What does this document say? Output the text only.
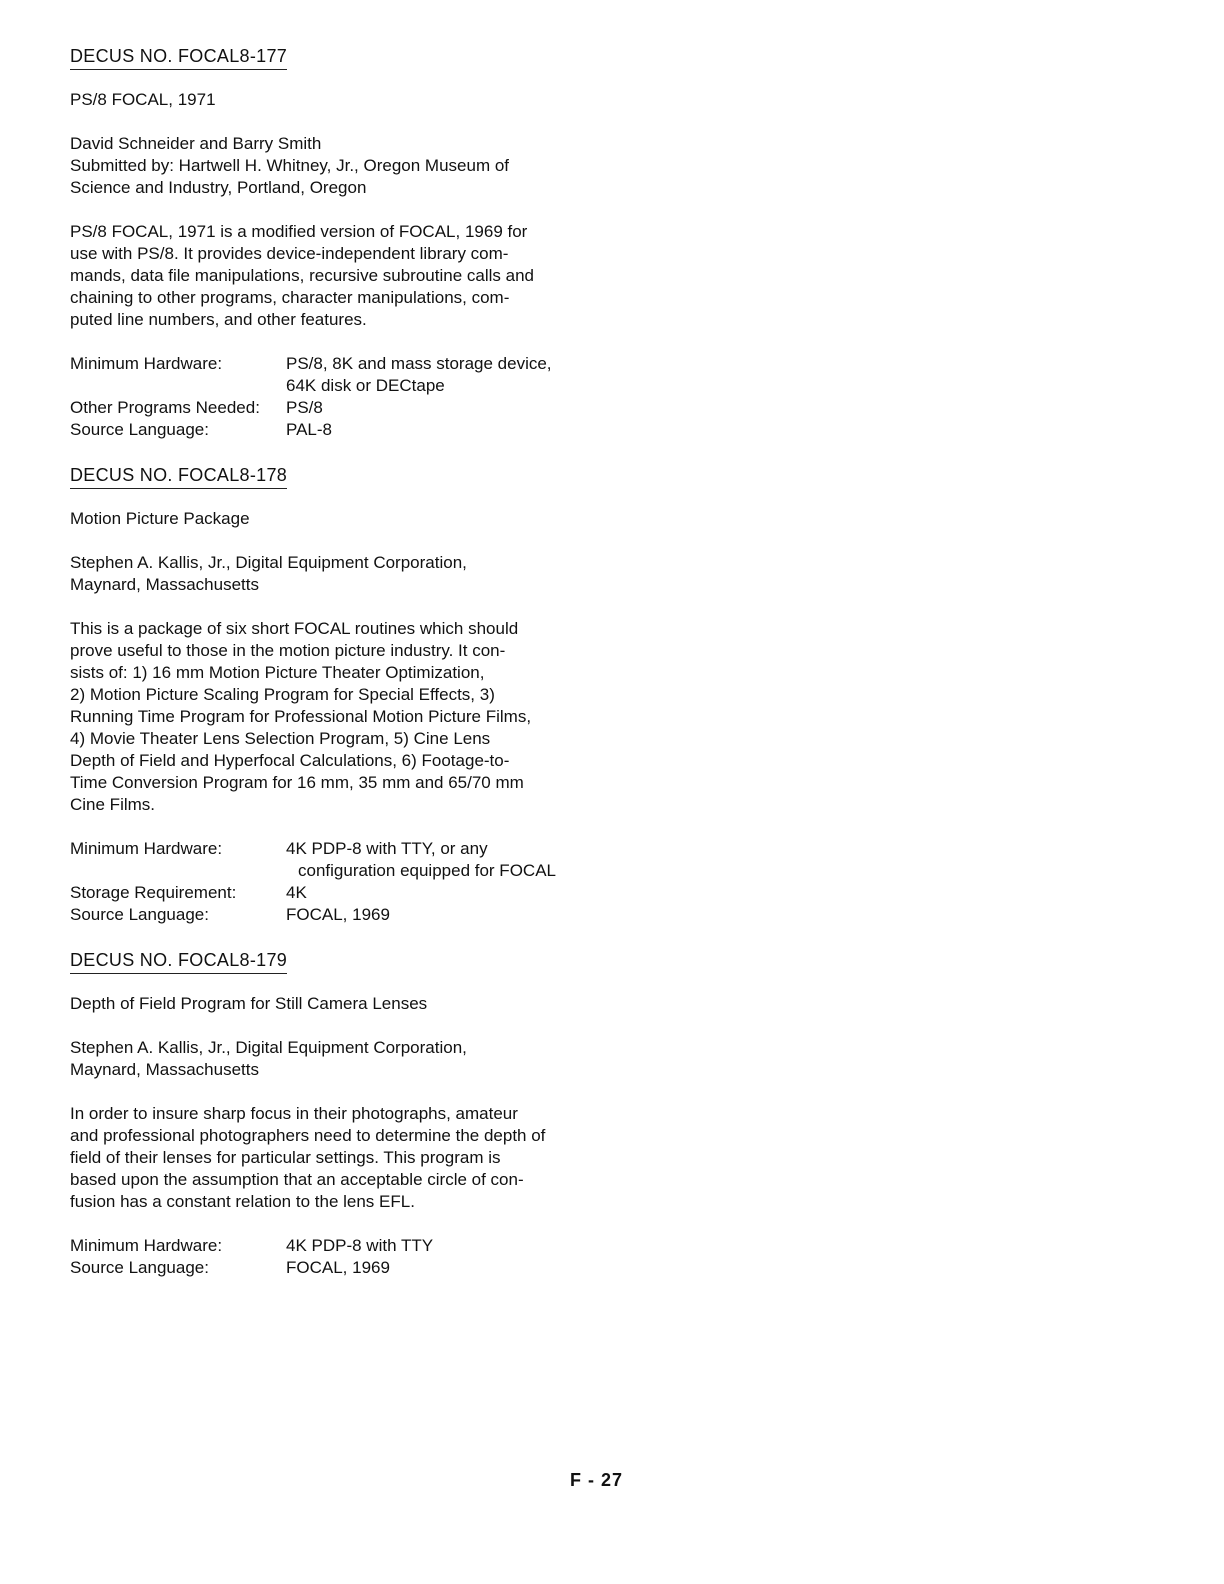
DECUS NO. FOCAL8-177
PS/8 FOCAL, 1971
David Schneider and Barry Smith
Submitted by: Hartwell H. Whitney, Jr., Oregon Museum of
Science and Industry, Portland, Oregon
PS/8 FOCAL, 1971 is a modified version of FOCAL, 1969 for
use with PS/8. It provides device-independent library com-
mands, data file manipulations, recursive subroutine calls and
chaining to other programs, character manipulations, com-
puted line numbers, and other features.
Minimum Hardware:	PS/8, 8K and mass storage device,
64K disk or DECtape

Other Programs Needed:	PS/8
Source Language:	PAL-8
DECUS NO. FOCAL8-178
Motion Picture Package
Stephen A. Kallis, Jr., Digital Equipment Corporation,
Maynard, Massachusetts
This is a package of six short FOCAL routines which should
prove useful to those in the motion picture industry. It con-
sists of: 1) 16 mm Motion Picture Theater Optimization,
2) Motion Picture Scaling Program for Special Effects, 3)
Running Time Program for Professional Motion Picture Films,
4) Movie Theater Lens Selection Program, 5) Cine Lens
Depth of Field and Hyperfocal Calculations, 6) Footage-to-
Time Conversion Program for 16 mm, 35 mm and 65/70 mm
Cine Films.
Minimum Hardware:	4K PDP-8 with TTY, or any
configuration equipped for FOCAL

Storage Requirement:	4K
Source Language:	FOCAL, 1969
DECUS NO. FOCAL8-179
Depth of Field Program for Still Camera Lenses
Stephen A. Kallis, Jr., Digital Equipment Corporation,
Maynard, Massachusetts
In order to insure sharp focus in their photographs, amateur
and professional photographers need to determine the depth of
field of their lenses for particular settings. This program is
based upon the assumption that an acceptable circle of con-
fusion has a constant relation to the lens EFL.
Minimum Hardware:	4K PDP-8 with TTY
Source Language:	FOCAL, 1969
F - 27
